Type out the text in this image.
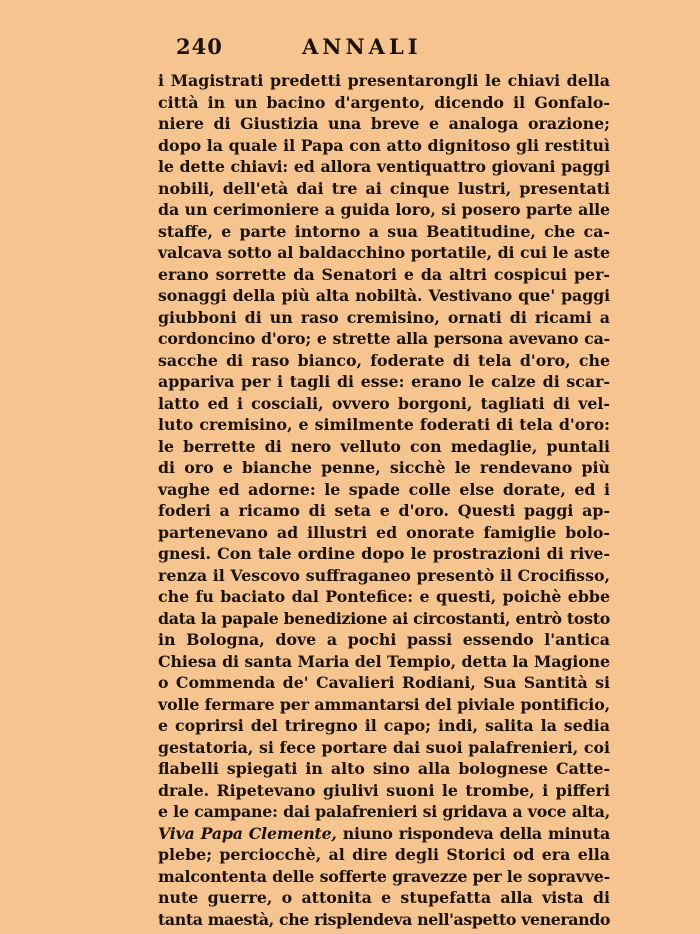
240	ANNALI
i Magistrati predetti presentarongli le chiavi della
città in un bacino d'argento, dicendo il Gonfalo-
niere di Giustizia una breve e analoga orazione;
dopo la quale il Papa con atto dignitoso gli restituì
le dette chiavi: ed allora ventiquattro giovani paggi
nobili, dell'età dai tre ai cinque lustri, presentati
da un cerimoniere a guida loro, si posero parte alle
staffe, e parte intorno a sua Beatitudine, che ca-
valcava sotto al baldacchino portatile, di cui le aste
erano sorrette da Senatori e da altri cospicui per-
sonaggi della più alta nobiltà. Vestivano que' paggi
giubboni di un raso cremisino, ornati di ricami a
cordoncino d'oro; e strette alla persona avevano ca-
sacche di raso bianco, foderate di tela d'oro, che
appariva per i tagli di esse: erano le calze di scar-
latto ed i cosciali, ovvero borgoni, tagliati di vel-
luto cremisino, e similmente foderati di tela d'oro:
le berrette di nero velluto con medaglie, puntali
di oro e bianche penne, sicchè le rendevano più
vaghe ed adorne: le spade colle else dorate, ed i
foderi a ricamo di seta e d'oro. Questi paggi ap-
partenevano ad illustri ed onorate famiglie bolo-
gnesi. Con tale ordine dopo le prostrazioni di rive-
renza il Vescovo suffraganeo presentò il Crocifisso,
che fu baciato dal Pontefice: e questi, poichè ebbe
data la papale benedizione ai circostanti, entrò tosto
in Bologna, dove a pochi passi essendo l'antica
Chiesa di santa Maria del Tempio, detta la Magione
o Commenda de' Cavalieri Rodiani, Sua Santità si
volle fermare per ammantarsi del piviale pontificio,
e coprirsi del triregno il capo; indi, salita la sedia
gestatoria, si fece portare dai suoi palafrenieri, coi
flabelli spiegati in alto sino alla bolognese Catte-
drale. Ripetevano giulivi suoni le trombe, i pifferi
e le campane: dai palafrenieri si gridava a voce alta,
Viva Papa Clemente, niuno rispondeva della minuta
plebe; perciocchè, al dire degli Storici od era ella
malcontenta delle sofferte gravezze per le sopravve-
nute guerre, o attonita e stupefatta alla vista di
tanta maestà, che risplendeva nell'aspetto venerando
